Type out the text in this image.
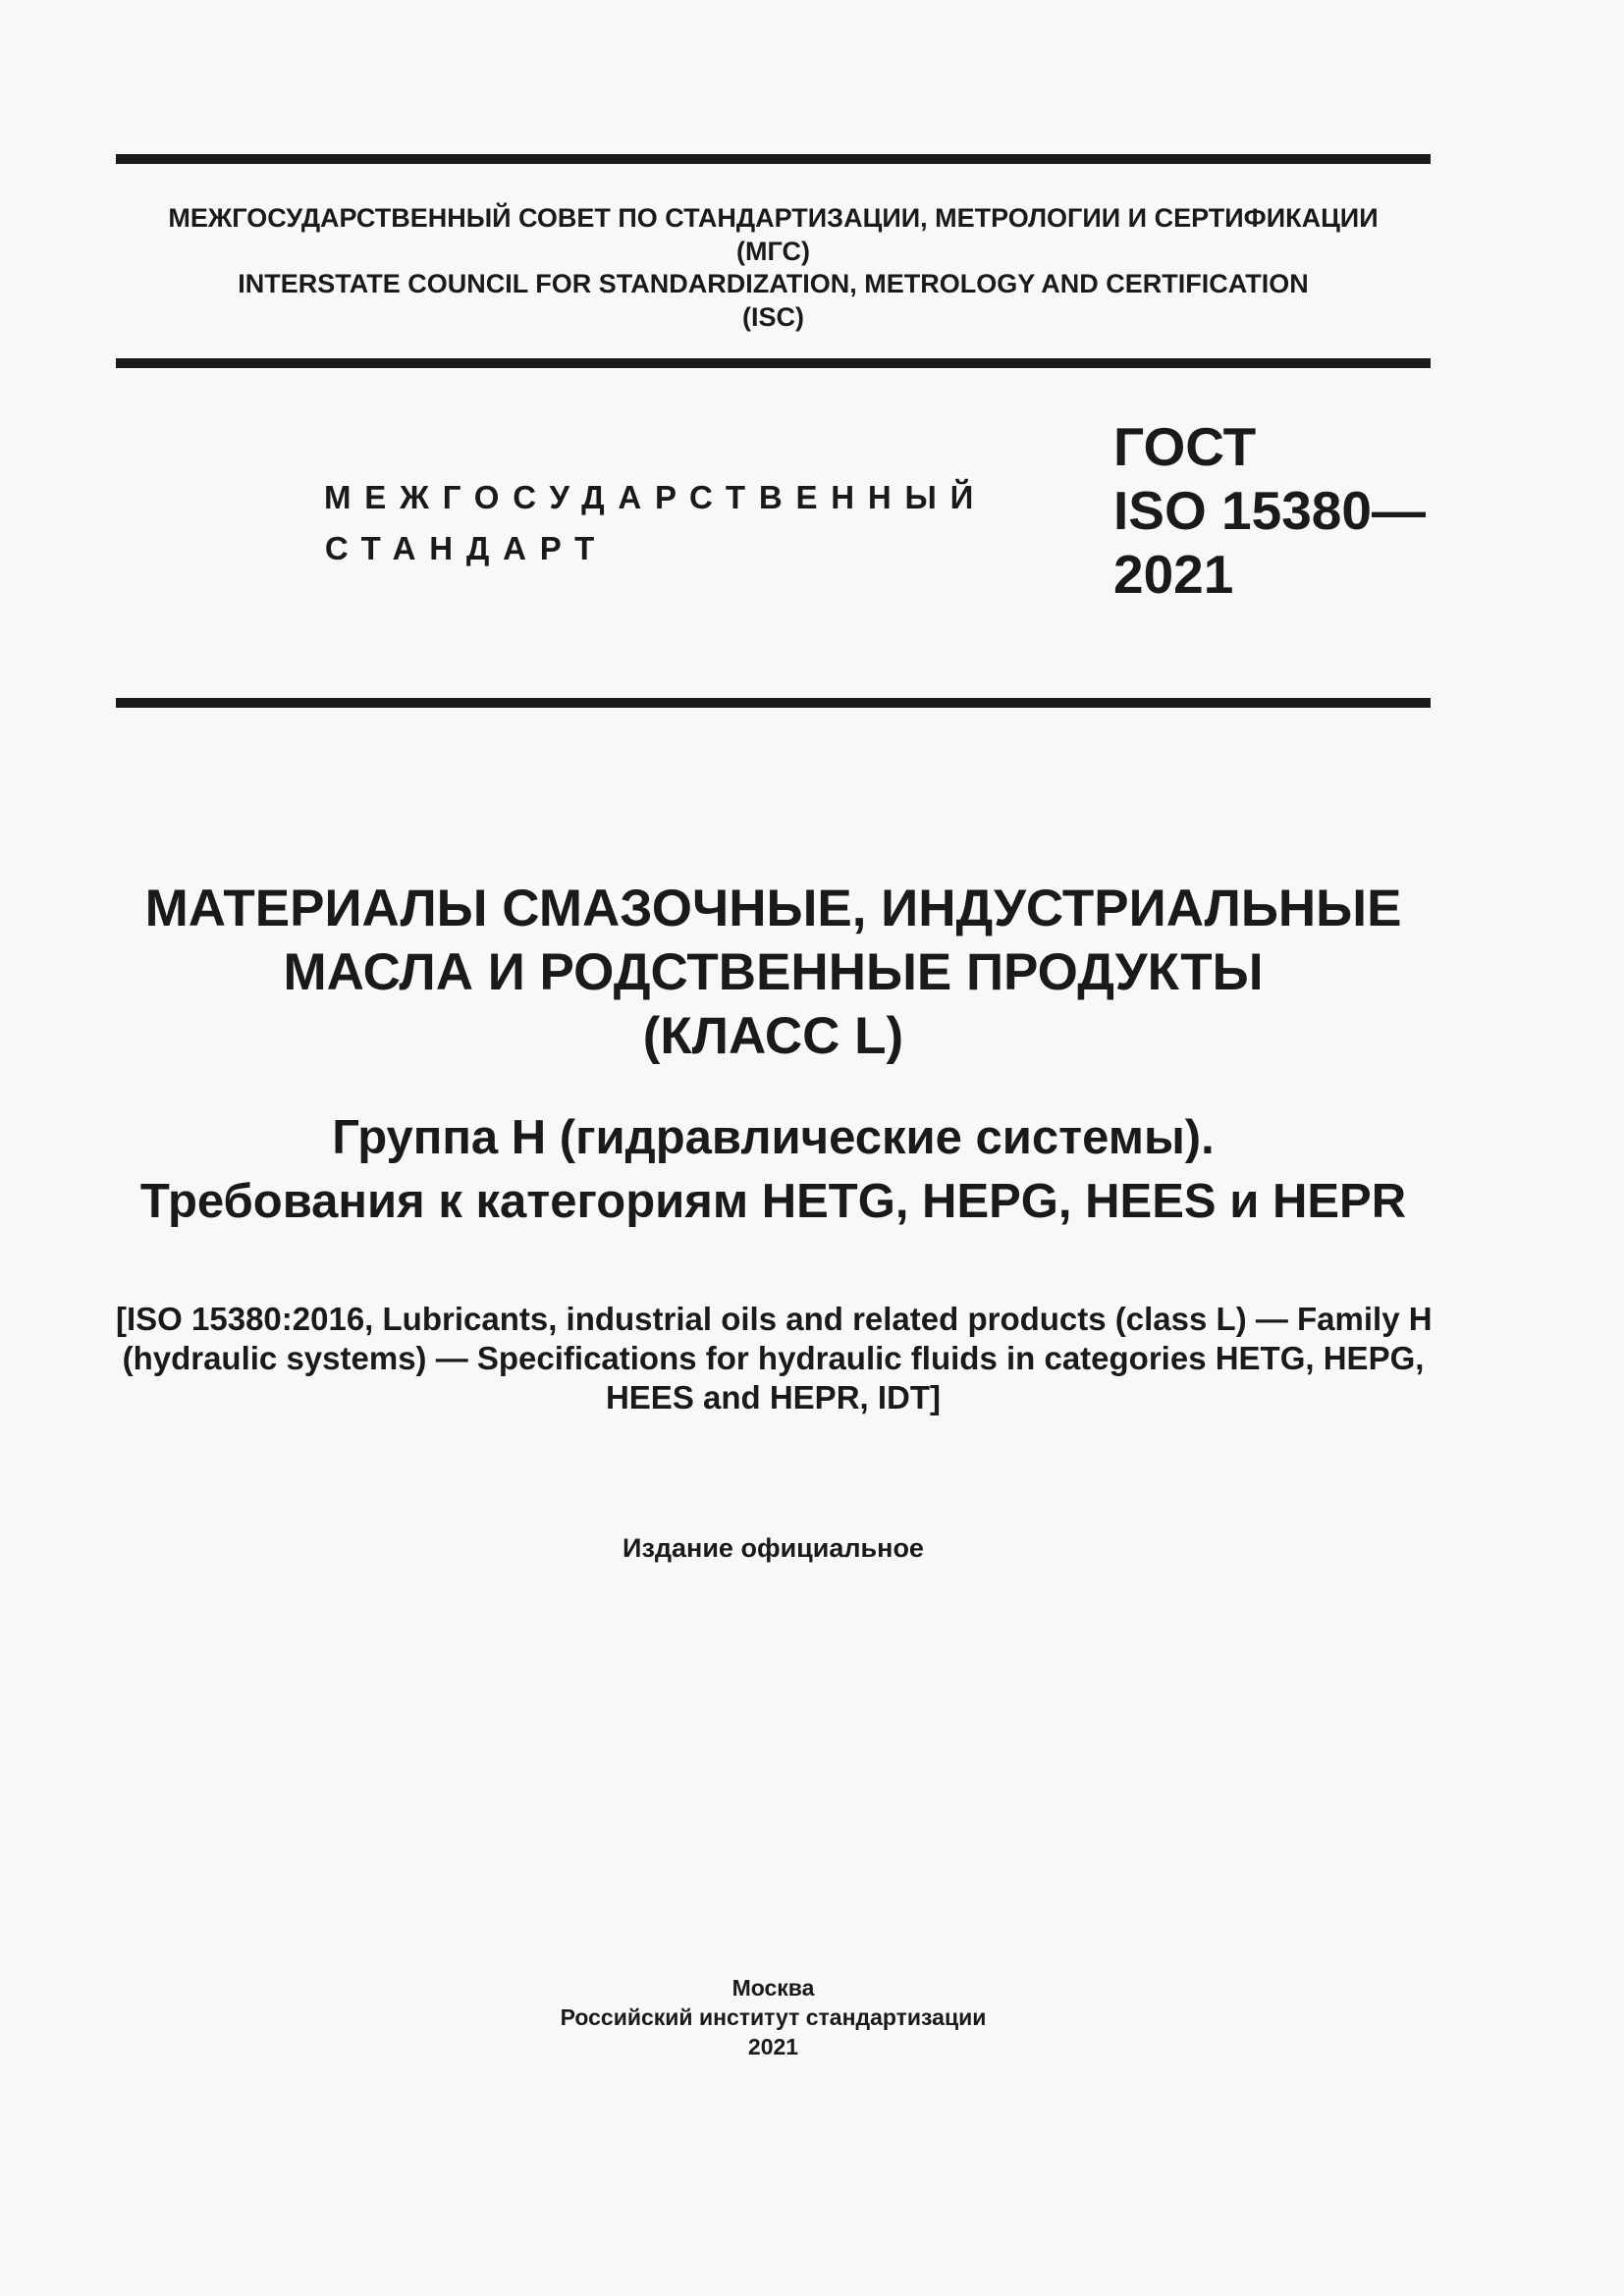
МЕЖГОСУДАРСТВЕННЫЙ СОВЕТ ПО СТАНДАРТИЗАЦИИ, МЕТРОЛОГИИ И СЕРТИФИКАЦИИ
(МГС)
INTERSTATE COUNCIL FOR STANDARDIZATION, METROLOGY AND CERTIFICATION
(ISC)
МЕЖГОСУДАРСТВЕННЫЙ
СТАНДАРТ
ГОСТ
ISO 15380—
2021
МАТЕРИАЛЫ СМАЗОЧНЫЕ, ИНДУСТРИАЛЬНЫЕ
МАСЛА И РОДСТВЕННЫЕ ПРОДУКТЫ
(КЛАСС L)
Группа H (гидравлические системы).
Требования к категориям HETG, HEPG, HEES и HEPR
[ISO 15380:2016, Lubricants, industrial oils and related products (class L) — Family H
(hydraulic systems) — Specifications for hydraulic fluids in categories HETG, HEPG,
HEES and HEPR, IDT]
Издание официальное
Москва
Российский институт стандартизации
2021
